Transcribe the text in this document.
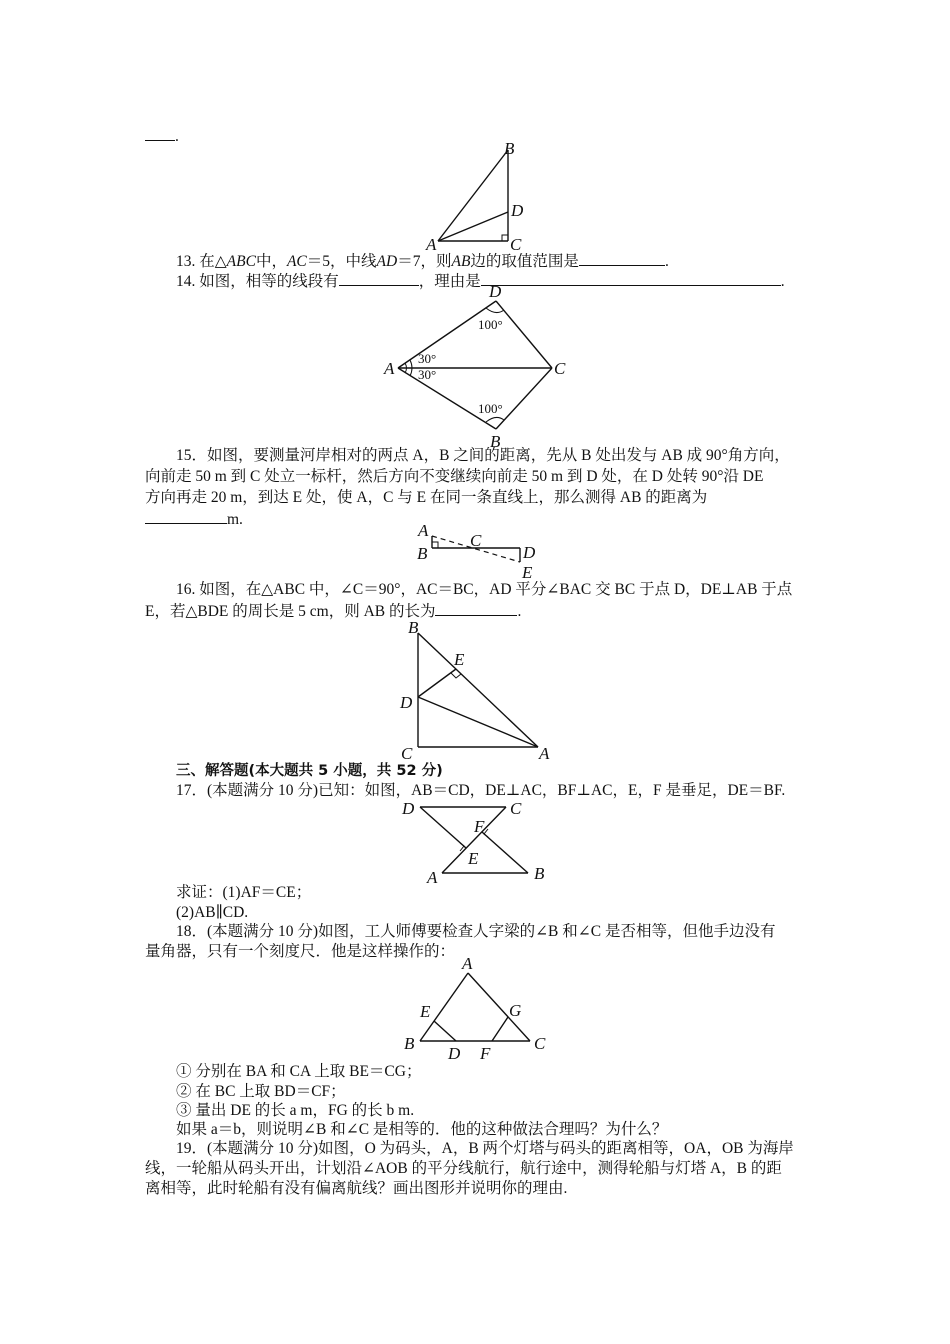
.
B
D
A	C
13. 在△ABC中，AC＝5，中线AD＝7，则AB边的取值范围是	.
14. 如图，相等的线段有	，理由是	.
D
A	C
B
100°
30°
30°
100°
15．如图，要测量河岸相对的两点 A，B 之间的距离，先从 B 处出发与 AB 成 90°角方向，
向前走 50 m 到 C 处立一标杆，然后方向不变继续向前走 50 m 到 D 处，在 D 处转 90°沿 DE
方向再走 20 m，到达 E 处，使 A，C 与 E 在同一条直线上，那么测得 AB 的距离为
m.
A
B
C
D
E
16. 如图，在△ABC 中，∠C＝90°，AC＝BC，AD 平分∠BAC 交 BC 于点 D，DE⊥AB 于点
E，若△BDE 的周长是 5 cm，则 AB 的长为	.
B
E
D
C	A
三、解答题(本大题共 5 小题，共 52 分)
17．(本题满分 10 分)已知：如图，AB＝CD，DE⊥AC，BF⊥AC，E，F 是垂足，DE＝BF.
D	C
F
E
A	B
求证：(1)AF＝CE；
(2)AB∥CD.
18．(本题满分 10 分)如图，工人师傅要检查人字梁的∠B 和∠C 是否相等，但他手边没有
量角器，只有一个刻度尺．他是这样操作的：
A
E	G
B
D F
C
① 分别在 BA 和 CA 上取 BE＝CG；
② 在 BC 上取 BD＝CF；
③ 量出 DE 的长 a m，FG 的长 b m.
如果 a＝b，则说明∠B 和∠C 是相等的．他的这种做法合理吗？为什么？
19．(本题满分 10 分)如图，O 为码头，A，B 两个灯塔与码头的距离相等，OA，OB 为海岸
线，一轮船从码头开出，计划沿∠AOB 的平分线航行，航行途中，测得轮船与灯塔 A，B 的距
离相等，此时轮船有没有偏离航线？画出图形并说明你的理由.
